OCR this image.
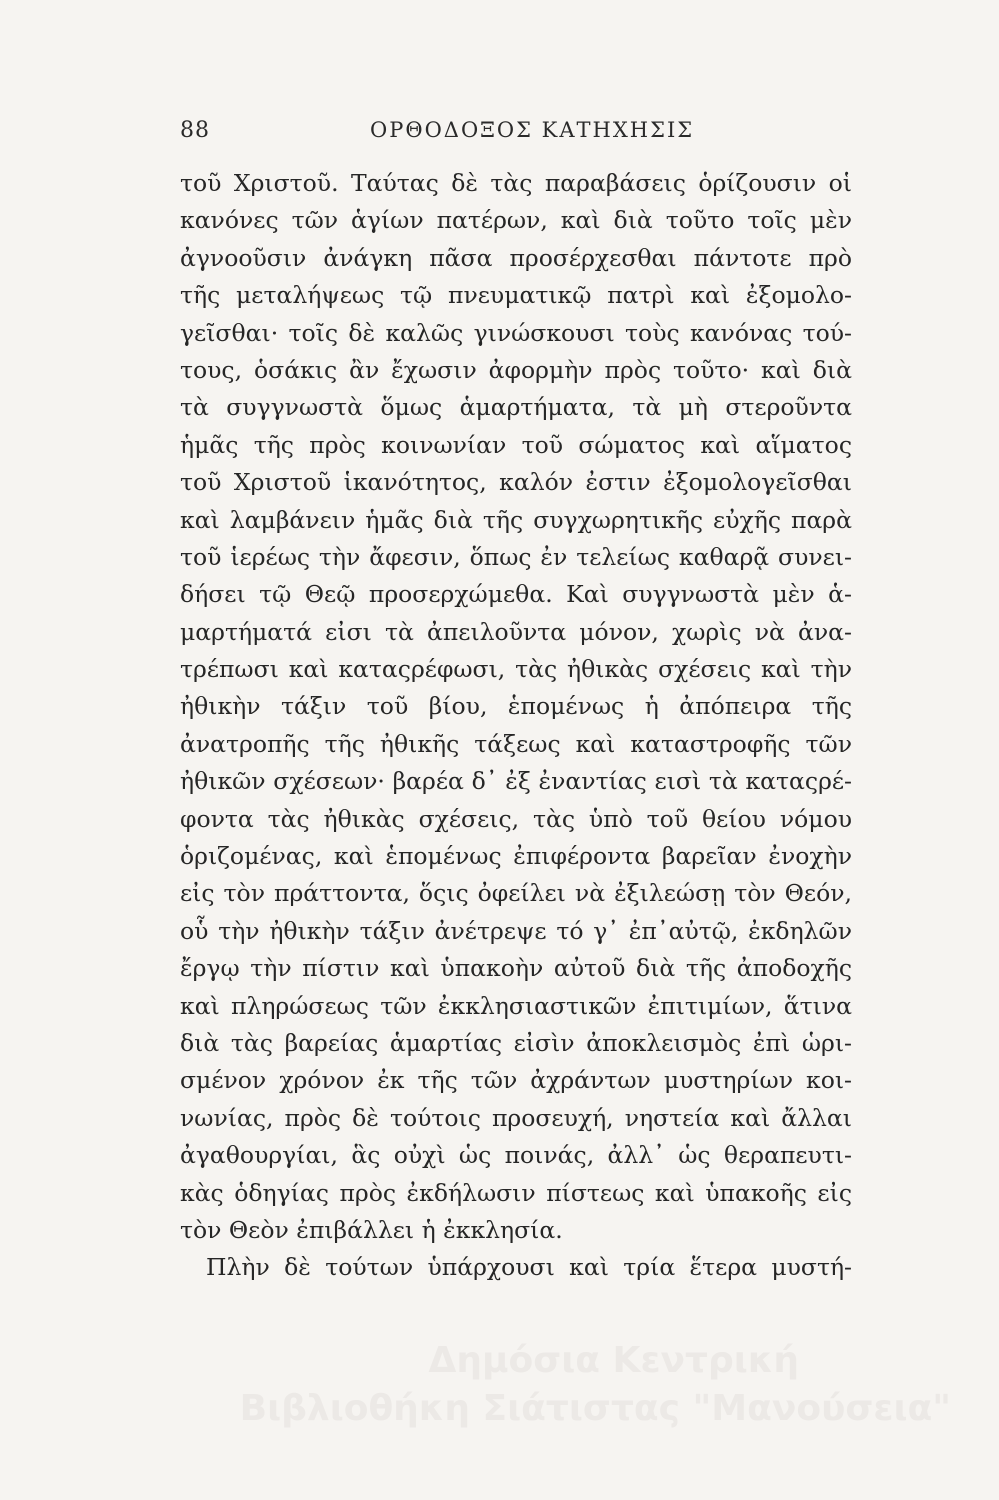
88	ΟΡΘΟΔΟΞΟΣ ΚΑΤΗΧΗΣΙΣ
τοῦ Χριστοῦ. Ταύτας δὲ τὰς παραβάσεις ὁρίζουσιν οἱ
κανόνες τῶν ἁγίων πατέρων, καὶ διὰ τοῦτο τοῖς μὲν
ἀγνοοῦσιν ἀνάγκη πᾶσα προσέρχεσθαι πάντοτε πρὸ
τῆς μεταλήψεως τῷ πνευματικῷ πατρὶ καὶ ἐξομολο-
γεῖσθαι· τοῖς δὲ καλῶς γινώσκουσι τοὺς κανόνας τού-
τους, ὁσάκις ἂν ἔχωσιν ἀφορμὴν πρὸς τοῦτο· καὶ διὰ
τὰ συγγνωστὰ ὅμως ἁμαρτήματα, τὰ μὴ στεροῦντα
ἡμᾶς τῆς πρὸς κοινωνίαν τοῦ σώματος καὶ αἵματος
τοῦ Χριστοῦ ἱκανότητος, καλόν ἐστιν ἐξομολογεῖσθαι
καὶ λαμβάνειν ἡμᾶς διὰ τῆς συγχωρητικῆς εὐχῆς παρὰ
τοῦ ἱερέως τὴν ἄφεσιν, ὅπως ἐν τελείως καθαρᾷ συνει-
δήσει τῷ Θεῷ προσερχώμεθα. Καὶ συγγνωστὰ μὲν ἁ-
μαρτήματά εἰσι τὰ ἀπειλοῦντα μόνον, χωρὶς νὰ ἀνα-
τρέπωσι καὶ καταςρέφωσι, τὰς ἠθικὰς σχέσεις καὶ τὴν
ἠθικὴν τάξιν τοῦ βίου, ἑπομένως ἡ ἀπόπειρα τῆς
ἀνατροπῆς τῆς ἠθικῆς τάξεως καὶ καταστροφῆς τῶν
ἠθικῶν σχέσεων· βαρέα δ᾽ ἐξ ἐναντίας εισὶ τὰ καταςρέ-
φοντα τὰς ἠθικὰς σχέσεις, τὰς ὑπὸ τοῦ θείου νόμου
ὁριζομένας, καὶ ἑπομένως ἐπιφέροντα βαρεῖαν ἐνοχὴν
εἰς τὸν πράττοντα, ὅςις ὀφείλει νὰ ἐξιλεώσῃ τὸν Θεόν,
οὗ τὴν ἠθικὴν τάξιν ἀνέτρεψε τό γ᾽ ἐπ᾽αὐτῷ, ἐκδηλῶν
ἔργῳ τὴν πίστιν καὶ ὑπακοὴν αὐτοῦ διὰ τῆς ἀποδοχῆς
καὶ πληρώσεως τῶν ἐκκλησιαστικῶν ἐπιτιμίων, ἅτινα
διὰ τὰς βαρείας ἁμαρτίας εἰσὶν ἀποκλεισμὸς ἐπὶ ὡρι-
σμένον χρόνον ἐκ τῆς τῶν ἀχράντων μυστηρίων κοι-
νωνίας, πρὸς δὲ τούτοις προσευχή, νηστεία καὶ ἄλλαι
ἀγαθουργίαι, ἃς οὐχὶ ὡς ποινάς, ἀλλ᾽ ὡς θεραπευτι-
κὰς ὁδηγίας πρὸς ἐκδήλωσιν πίστεως καὶ ὑπακοῆς εἰς
τὸν Θεὸν ἐπιβάλλει ἡ ἐκκλησία.
Πλὴν δὲ τούτων ὑπάρχουσι καὶ τρία ἕτερα μυστή-
Δημόσια Κεντρική
Βιβλιοθήκη Σιάτιστας "Μανούσεια"
